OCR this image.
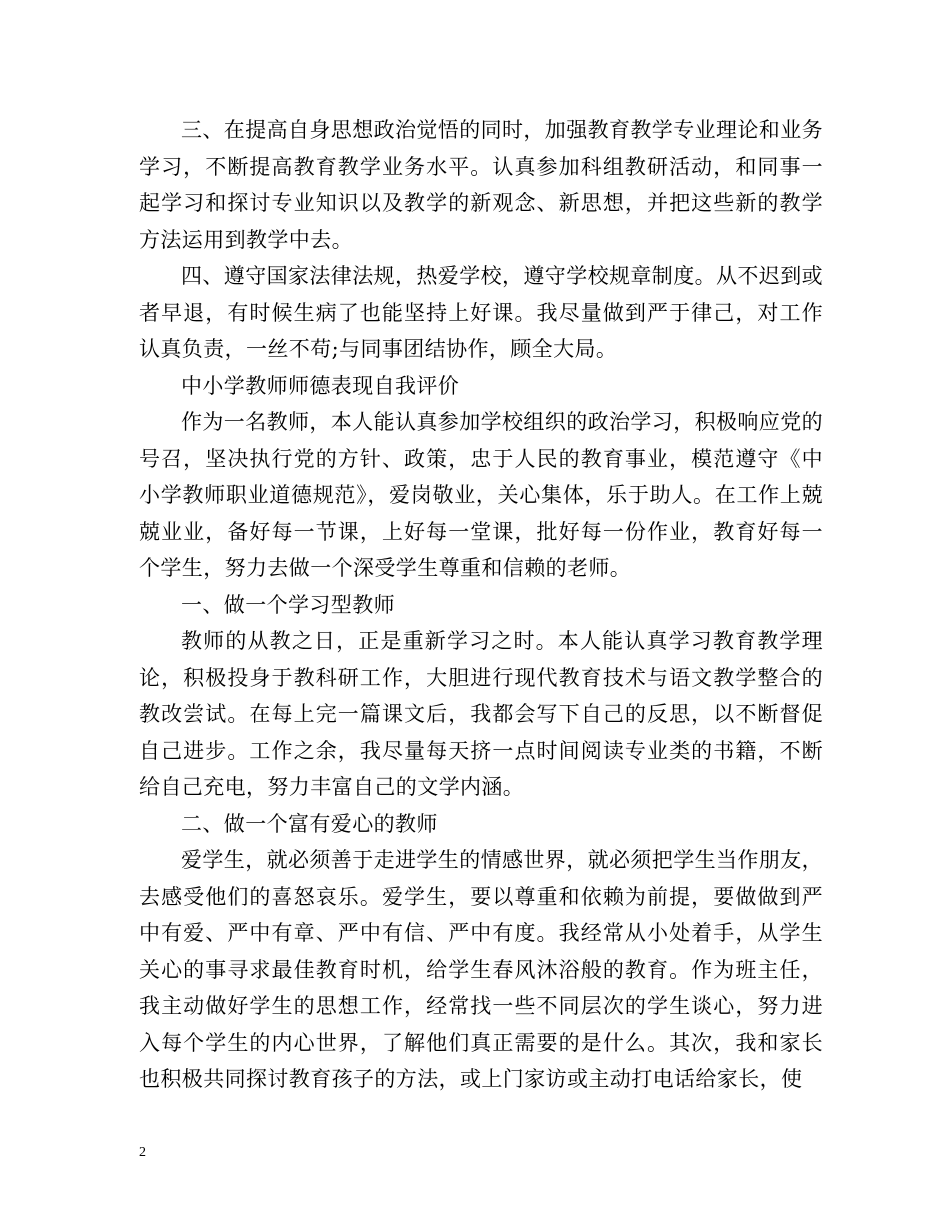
三、在提高自身思想政治觉悟的同时，加强教育教学专业理论和业务学习，不断提高教育教学业务水平。认真参加科组教研活动，和同事一起学习和探讨专业知识以及教学的新观念、新思想，并把这些新的教学方法运用到教学中去。

四、遵守国家法律法规，热爱学校，遵守学校规章制度。从不迟到或者早退，有时候生病了也能坚持上好课。我尽量做到严于律己，对工作认真负责，一丝不苟;与同事团结协作，顾全大局。

中小学教师师德表现自我评价

作为一名教师，本人能认真参加学校组织的政治学习，积极响应党的号召，坚决执行党的方针、政策，忠于人民的教育事业，模范遵守《中小学教师职业道德规范》，爱岗敬业，关心集体，乐于助人。在工作上兢兢业业，备好每一节课，上好每一堂课，批好每一份作业，教育好每一个学生，努力去做一个深受学生尊重和信赖的老师。

一、做一个学习型教师

教师的从教之日，正是重新学习之时。本人能认真学习教育教学理论，积极投身于教科研工作，大胆进行现代教育技术与语文教学整合的教改尝试。在每上完一篇课文后，我都会写下自己的反思，以不断督促自己进步。工作之余，我尽量每天挤一点时间阅读专业类的书籍，不断给自己充电，努力丰富自己的文学内涵。

二、做一个富有爱心的教师

爱学生，就必须善于走进学生的情感世界，就必须把学生当作朋友，去感受他们的喜怒哀乐。爱学生，要以尊重和依赖为前提，要做做到严中有爱、严中有章、严中有信、严中有度。我经常从小处着手，从学生关心的事寻求最佳教育时机，给学生春风沐浴般的教育。作为班主任，我主动做好学生的思想工作，经常找一些不同层次的学生谈心，努力进入每个学生的内心世界，了解他们真正需要的是什么。其次，我和家长也积极共同探讨教育孩子的方法，或上门家访或主动打电话给家长，使

2
